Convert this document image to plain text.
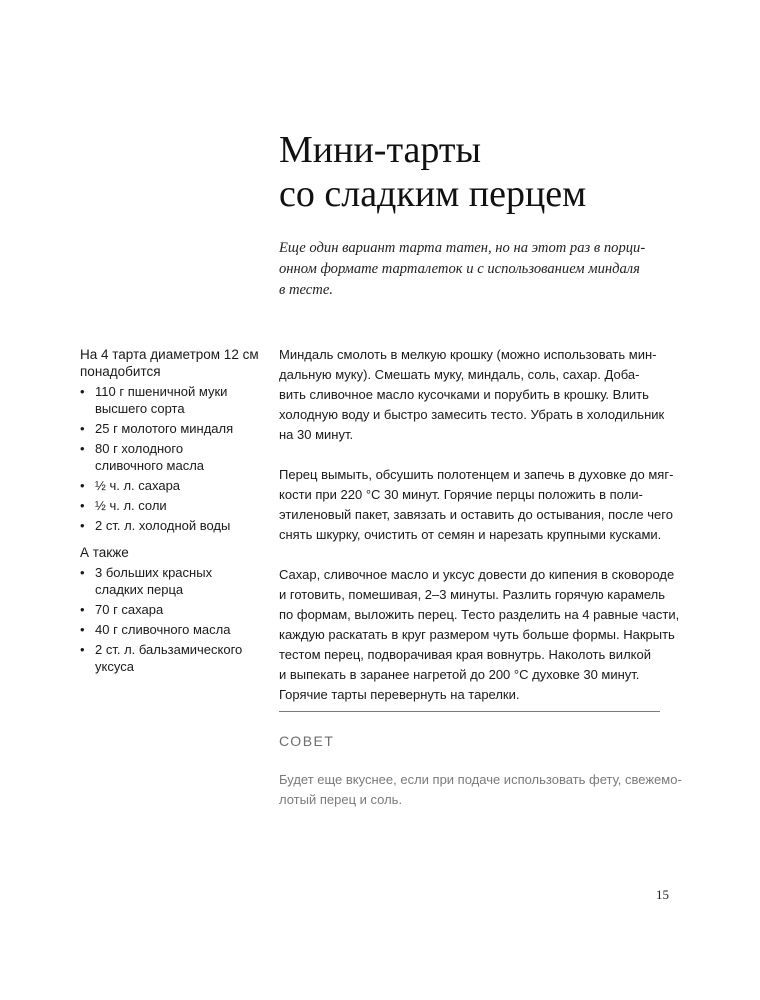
Мини-тарты
со сладким перцем
Еще один вариант тарта татен, но на этот раз в порци-
онном формате тарталеток и с использованием миндаля
в тесте.
На 4 тарта диаметром 12 см
понадобится
• 110 г пшеничной муки
высшего сорта
• 25 г молотого миндаля
• 80 г холодного
сливочного масла
• ½ ч. л. сахара
• ½ ч. л. соли
• 2 ст. л. холодной воды
А также
• 3 больших красных
сладких перца
• 70 г сахара
• 40 г сливочного масла
• 2 ст. л. бальзамического
уксуса

Миндаль смолоть в мелкую крошку (можно использовать мин-
дальную муку). Смешать муку, миндаль, соль, сахар. Доба-
вить сливочное масло кусочками и порубить в крошку. Влить
холодную воду и быстро замесить тесто. Убрать в холодильник
на 30 минут.

Перец вымыть, обсушить полотенцем и запечь в духовке до мяг-
кости при 220 °С 30 минут. Горячие перцы положить в поли-
этиленовый пакет, завязать и оставить до остывания, после чего
снять шкурку, очистить от семян и нарезать крупными кусками.

Сахар, сливочное масло и уксус довести до кипения в сковороде
и готовить, помешивая, 2–3 минуты. Разлить горячую карамель
по формам, выложить перец. Тесто разделить на 4 равные части,
каждую раскатать в круг размером чуть больше формы. Накрыть
тестом перец, подворачивая края вовнутрь. Наколоть вилкой
и выпекать в заранее нагретой до 200 °С духовке 30 минут.
Горячие тарты перевернуть на тарелки.

СОВЕТ
Будет еще вкуснее, если при подаче использовать фету, свежемо-
лотый перец и соль.
15
